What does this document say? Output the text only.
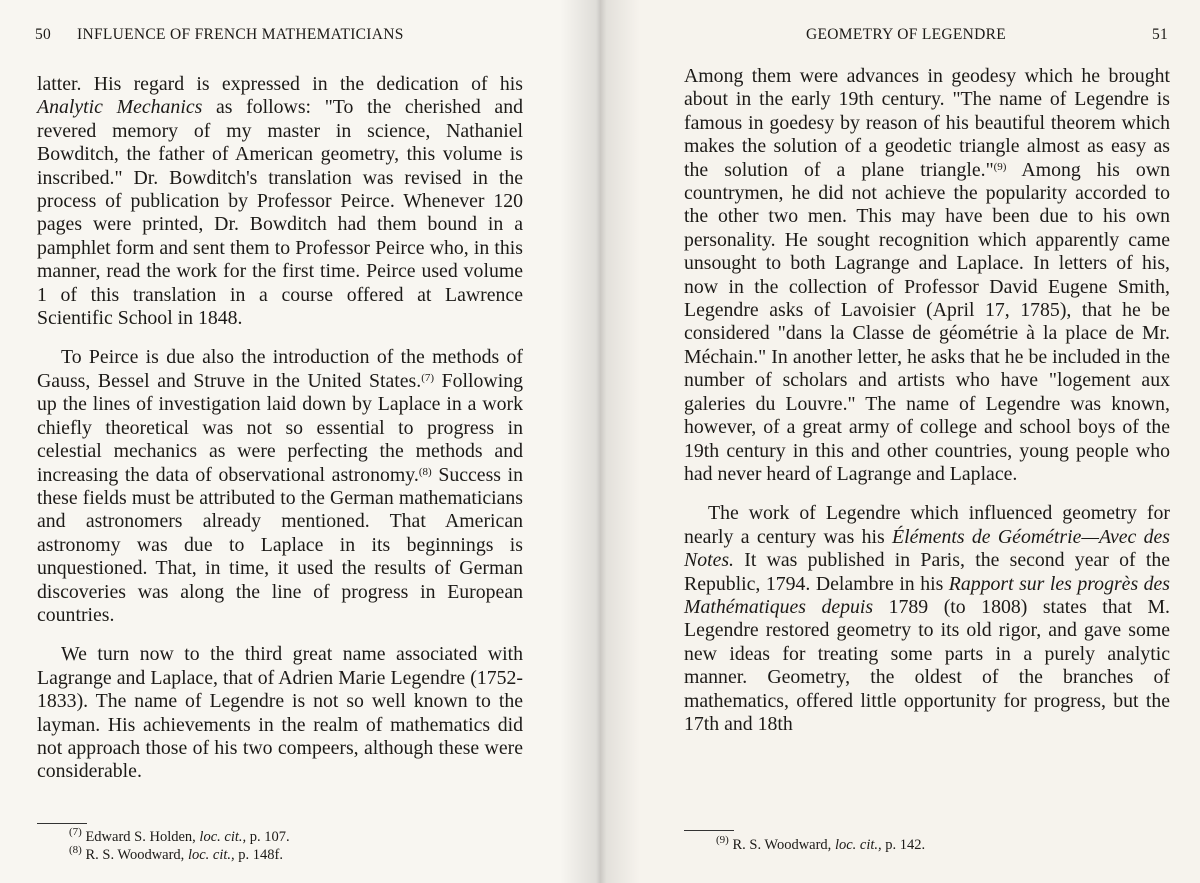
50 INFLUENCE OF FRENCH MATHEMATICIANS

latter. His regard is expressed in the dedication of his Analytic Mechanics as follows: "To the cherished and revered memory of my master in science, Nathaniel Bowditch, the father of American geometry, this volume is inscribed." Dr. Bowditch's translation was revised in the process of publication by Professor Peirce. Whenever 120 pages were printed, Dr. Bowditch had them bound in a pamphlet form and sent them to Professor Peirce who, in this manner, read the work for the first time. Peirce used volume 1 of this translation in a course offered at Lawrence Scientific School in 1848.

To Peirce is due also the introduction of the methods of Gauss, Bessel and Struve in the United States.$^{(7)}$ Following up the lines of investigation laid down by Laplace in a work chiefly theoretical was not so essential to progress in celestial mechanics as were perfecting the methods and increasing the data of observational astronomy.$^{(8)}$ Success in these fields must be attributed to the German mathematicians and astronomers already mentioned. That American astronomy was due to Laplace in its beginnings is unquestioned. That, in time, it used the results of German discoveries was along the line of progress in European countries.

We turn now to the third great name associated with Lagrange and Laplace, that of Adrien Marie Legendre (1752-1833). The name of Legendre is not so well known to the layman. His achievements in the realm of mathematics did not approach those of his two compeers, although these were considerable.

$^{(7)}$ Edward S. Holden, loc. cit., p. 107.
$^{(8)}$ R. S. Woodward, loc. cit., p. 148f.
GEOMETRY OF LEGENDRE	51

Among them were advances in geodesy which he brought about in the early 19th century. "The name of Legendre is famous in goedesy by reason of his beautiful theorem which makes the solution of a geodetic triangle almost as easy as the solution of a plane triangle."$^{(9)}$ Among his own countrymen, he did not achieve the popularity accorded to the other two men. This may have been due to his own personality. He sought recognition which apparently came unsought to both Lagrange and Laplace. In letters of his, now in the collection of Professor David Eugene Smith, Legendre asks of Lavoisier (April 17, 1785), that he be considered "dans la Classe de géométrie à la place de Mr. Méchain." In another letter, he asks that he be included in the number of scholars and artists who have "logement aux galeries du Louvre." The name of Legendre was known, however, of a great army of college and school boys of the 19th century in this and other countries, young people who had never heard of Lagrange and Laplace.

The work of Legendre which influenced geometry for nearly a century was his Éléments de Géométrie—Avec des Notes. It was published in Paris, the second year of the Republic, 1794. Delambre in his Rapport sur les progrès des Mathématiques depuis 1789 (to 1808) states that M. Legendre restored geometry to its old rigor, and gave some new ideas for treating some parts in a purely analytic manner. Geometry, the oldest of the branches of mathematics, offered little opportunity for progress, but the 17th and 18th

$^{(9)}$ R. S. Woodward, loc. cit., p. 142.
